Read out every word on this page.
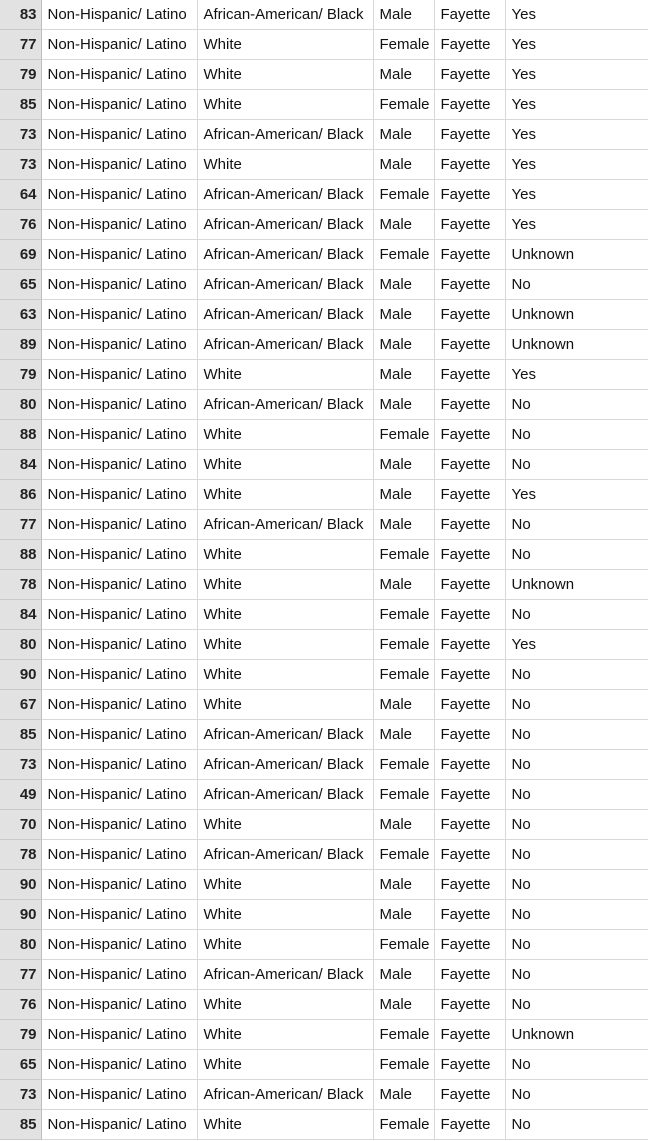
83	Non-Hispanic/ Latino	African-American/ Black	Male	Fayette	Yes
77	Non-Hispanic/ Latino	White	Female	Fayette	Yes
79	Non-Hispanic/ Latino	White	Male	Fayette	Yes
85	Non-Hispanic/ Latino	White	Female	Fayette	Yes
73	Non-Hispanic/ Latino	African-American/ Black	Male	Fayette	Yes
73	Non-Hispanic/ Latino	White	Male	Fayette	Yes
64	Non-Hispanic/ Latino	African-American/ Black	Female	Fayette	Yes
76	Non-Hispanic/ Latino	African-American/ Black	Male	Fayette	Yes
69	Non-Hispanic/ Latino	African-American/ Black	Female	Fayette	Unknown
65	Non-Hispanic/ Latino	African-American/ Black	Male	Fayette	No
63	Non-Hispanic/ Latino	African-American/ Black	Male	Fayette	Unknown
89	Non-Hispanic/ Latino	African-American/ Black	Male	Fayette	Unknown
79	Non-Hispanic/ Latino	White	Male	Fayette	Yes
80	Non-Hispanic/ Latino	African-American/ Black	Male	Fayette	No
88	Non-Hispanic/ Latino	White	Female	Fayette	No
84	Non-Hispanic/ Latino	White	Male	Fayette	No
86	Non-Hispanic/ Latino	White	Male	Fayette	Yes
77	Non-Hispanic/ Latino	African-American/ Black	Male	Fayette	No
88	Non-Hispanic/ Latino	White	Female	Fayette	No
78	Non-Hispanic/ Latino	White	Male	Fayette	Unknown
84	Non-Hispanic/ Latino	White	Female	Fayette	No
80	Non-Hispanic/ Latino	White	Female	Fayette	Yes
90	Non-Hispanic/ Latino	White	Female	Fayette	No
67	Non-Hispanic/ Latino	White	Male	Fayette	No
85	Non-Hispanic/ Latino	African-American/ Black	Male	Fayette	No
73	Non-Hispanic/ Latino	African-American/ Black	Female	Fayette	No
49	Non-Hispanic/ Latino	African-American/ Black	Female	Fayette	No
70	Non-Hispanic/ Latino	White	Male	Fayette	No
78	Non-Hispanic/ Latino	African-American/ Black	Female	Fayette	No
90	Non-Hispanic/ Latino	White	Male	Fayette	No
90	Non-Hispanic/ Latino	White	Male	Fayette	No
80	Non-Hispanic/ Latino	White	Female	Fayette	No
77	Non-Hispanic/ Latino	African-American/ Black	Male	Fayette	No
76	Non-Hispanic/ Latino	White	Male	Fayette	No
79	Non-Hispanic/ Latino	White	Female	Fayette	Unknown
65	Non-Hispanic/ Latino	White	Female	Fayette	No
73	Non-Hispanic/ Latino	African-American/ Black	Male	Fayette	No
85	Non-Hispanic/ Latino	White	Female	Fayette	No
